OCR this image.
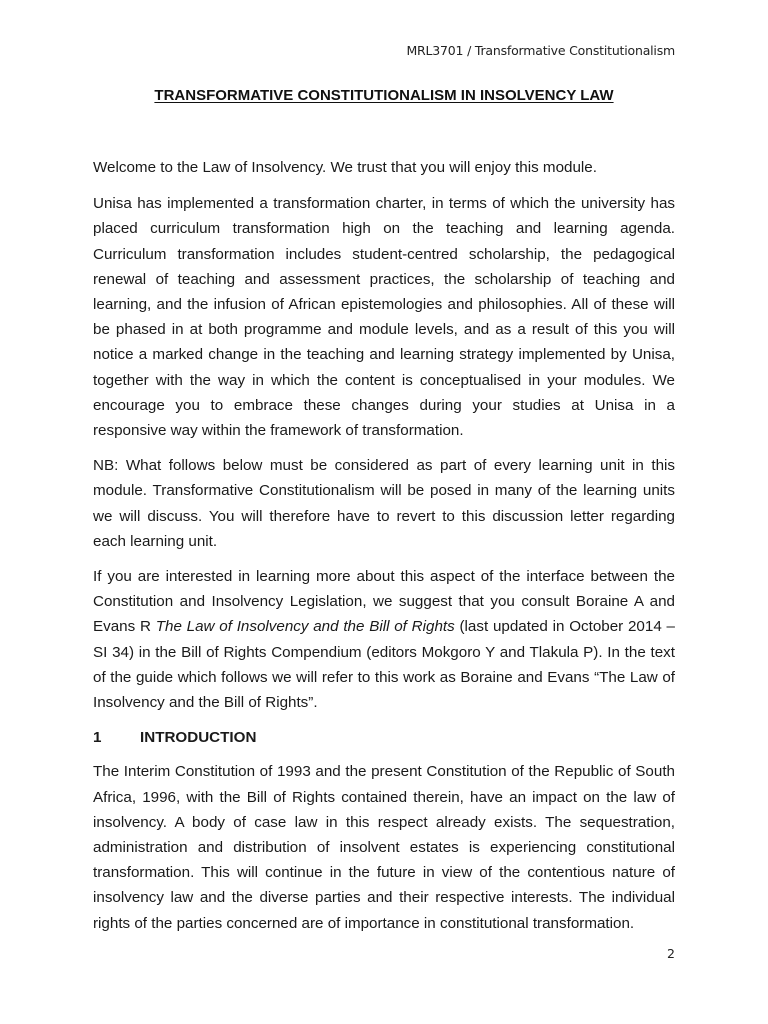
MRL3701 / Transformative Constitutionalism
TRANSFORMATIVE CONSTITUTIONALISM IN INSOLVENCY LAW

Welcome to the Law of Insolvency. We trust that you will enjoy this module.

Unisa has implemented a transformation charter, in terms of which the university has placed curriculum transformation high on the teaching and learning agenda. Curriculum transformation includes student-centred scholarship, the pedagogical renewal of teaching and assessment practices, the scholarship of teaching and learning, and the infusion of African epistemologies and philosophies. All of these will be phased in at both programme and module levels, and as a result of this you will notice a marked change in the teaching and learning strategy implemented by Unisa, together with the way in which the content is conceptualised in your modules. We encourage you to embrace these changes during your studies at Unisa in a responsive way within the framework of transformation.

NB: What follows below must be considered as part of every learning unit in this module. Transformative Constitutionalism will be posed in many of the learning units we will discuss. You will therefore have to revert to this discussion letter regarding each learning unit.

If you are interested in learning more about this aspect of the interface between the Constitution and Insolvency Legislation, we suggest that you consult Boraine A and Evans R The Law of Insolvency and the Bill of Rights (last updated in October 2014 – SI 34) in the Bill of Rights Compendium (editors Mokgoro Y and Tlakula P). In the text of the guide which follows we will refer to this work as Boraine and Evans “The Law of Insolvency and the Bill of Rights”.

1	INTRODUCTION

The Interim Constitution of 1993 and the present Constitution of the Republic of South Africa, 1996, with the Bill of Rights contained therein, have an impact on the law of insolvency. A body of case law in this respect already exists. The sequestration, administration and distribution of insolvent estates is experiencing constitutional transformation. This will continue in the future in view of the contentious nature of insolvency law and the diverse parties and their respective interests. The individual rights of the parties concerned are of importance in constitutional transformation.

2
